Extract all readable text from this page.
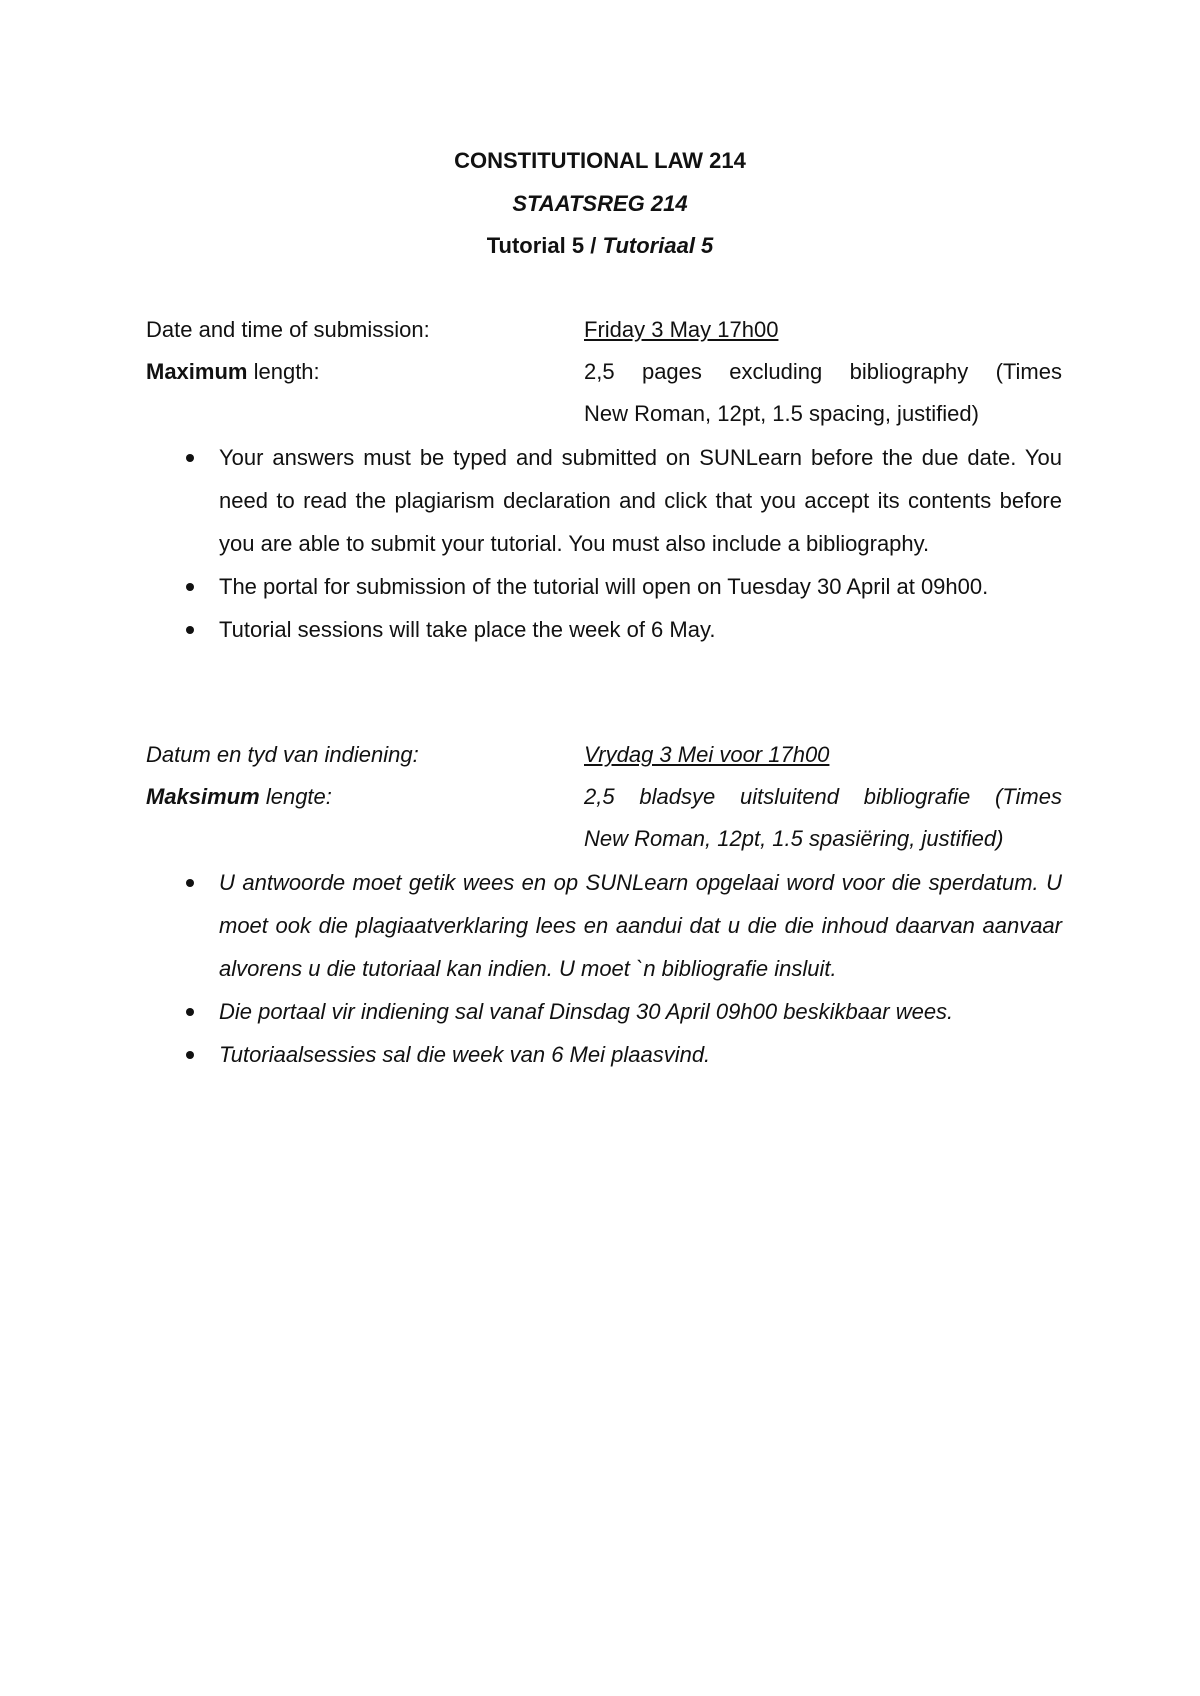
CONSTITUTIONAL LAW 214
STAATSREG 214
Tutorial 5 / Tutoriaal 5
Date and time of submission:	Friday 3 May 17h00
Maximum length:	2,5 pages excluding bibliography (Times
New Roman, 12pt, 1.5 spacing, justified)
Your answers must be typed and submitted on SUNLearn before the due date. You need to read the plagiarism declaration and click that you accept its contents before you are able to submit your tutorial. You must also include a bibliography.
The portal for submission of the tutorial will open on Tuesday 30 April at 09h00.
Tutorial sessions will take place the week of 6 May.
Datum en tyd van indiening:	Vrydag 3 Mei voor 17h00
Maksimum lengte:	2,5 bladsye uitsluitend bibliografie (Times
New Roman, 12pt, 1.5 spasiëring, justified)
U antwoorde moet getik wees en op SUNLearn opgelaai word voor die sperdatum. U moet ook die plagiaatverklaring lees en aandui dat u die die inhoud daarvan aanvaar alvorens u die tutoriaal kan indien. U moet `n bibliografie insluit.
Die portaal vir indiening sal vanaf Dinsdag 30 April 09h00 beskikbaar wees.
Tutoriaalsessies sal die week van 6 Mei plaasvind.
